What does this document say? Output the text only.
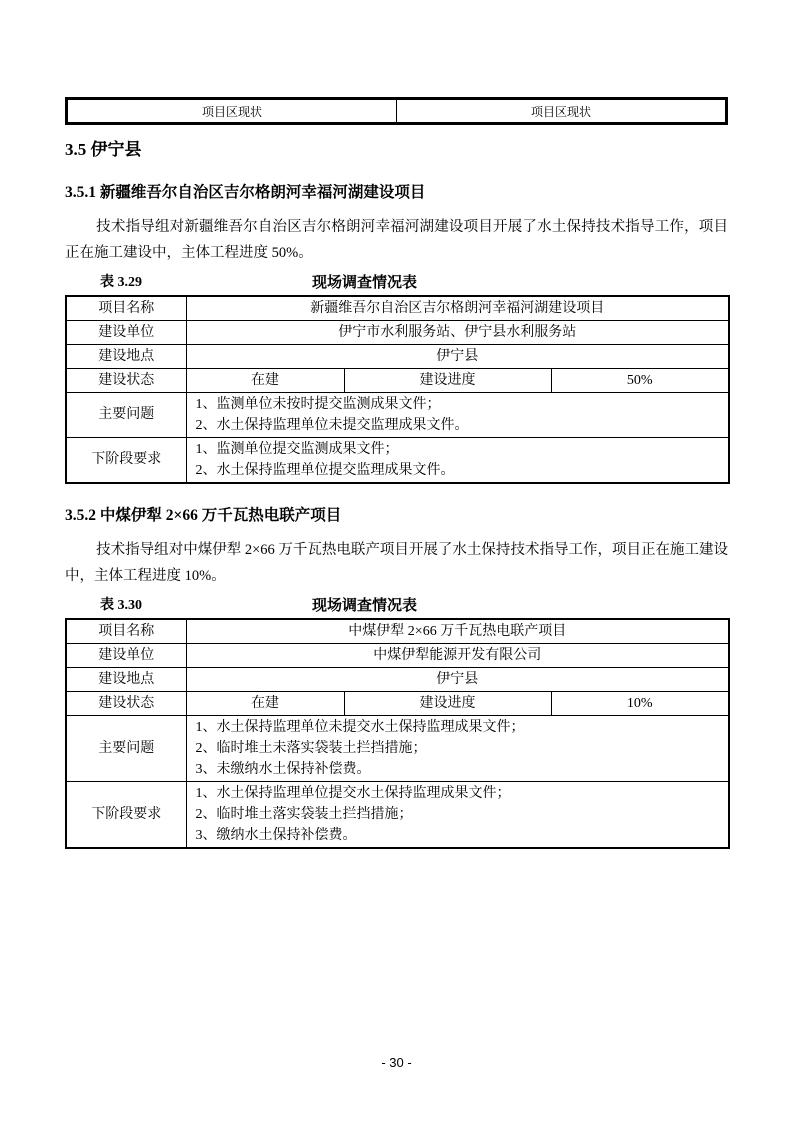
项目区现状	项目区现状
3.5 伊宁县
3.5.1 新疆维吾尔自治区吉尔格朗河幸福河湖建设项目

技术指导组对新疆维吾尔自治区吉尔格朗河幸福河湖建设项目开展了水土保持技术指导工作，项目正在施工建设中，主体工程进度 50%。

表 3.29	现场调查情况表
项目名称	新疆维吾尔自治区吉尔格朗河幸福河湖建设项目		
建设单位	伊宁市水利服务站、伊宁县水利服务站		
建设地点	伊宁县		
建设状态	在建	建设进度	50%
主要问题	1、监测单位未按时提交监测成果文件；
2、水土保持监理单位未提交监理成果文件。		

下阶段要求	1、监测单位提交监测成果文件；
2、水土保持监理单位提交监理成果文件。		
3.5.2 中煤伊犁 2×66 万千瓦热电联产项目

技术指导组对中煤伊犁 2×66 万千瓦热电联产项目开展了水土保持技术指导工作，项目正在施工建设中，主体工程进度 10%。

表 3.30	现场调查情况表
项目名称	中煤伊犁 2×66 万千瓦热电联产项目		
建设单位	中煤伊犁能源开发有限公司		
建设地点	伊宁县		
建设状态	在建	建设进度	10%
主要问题	1、水土保持监理单位未提交水土保持监理成果文件；
2、临时堆土未落实袋装土拦挡措施；
3、未缴纳水土保持补偿费。		

下阶段要求	1、水土保持监理单位提交水土保持监理成果文件；
2、临时堆土落实袋装土拦挡措施；
3、缴纳水土保持补偿费。		
- 30 -
